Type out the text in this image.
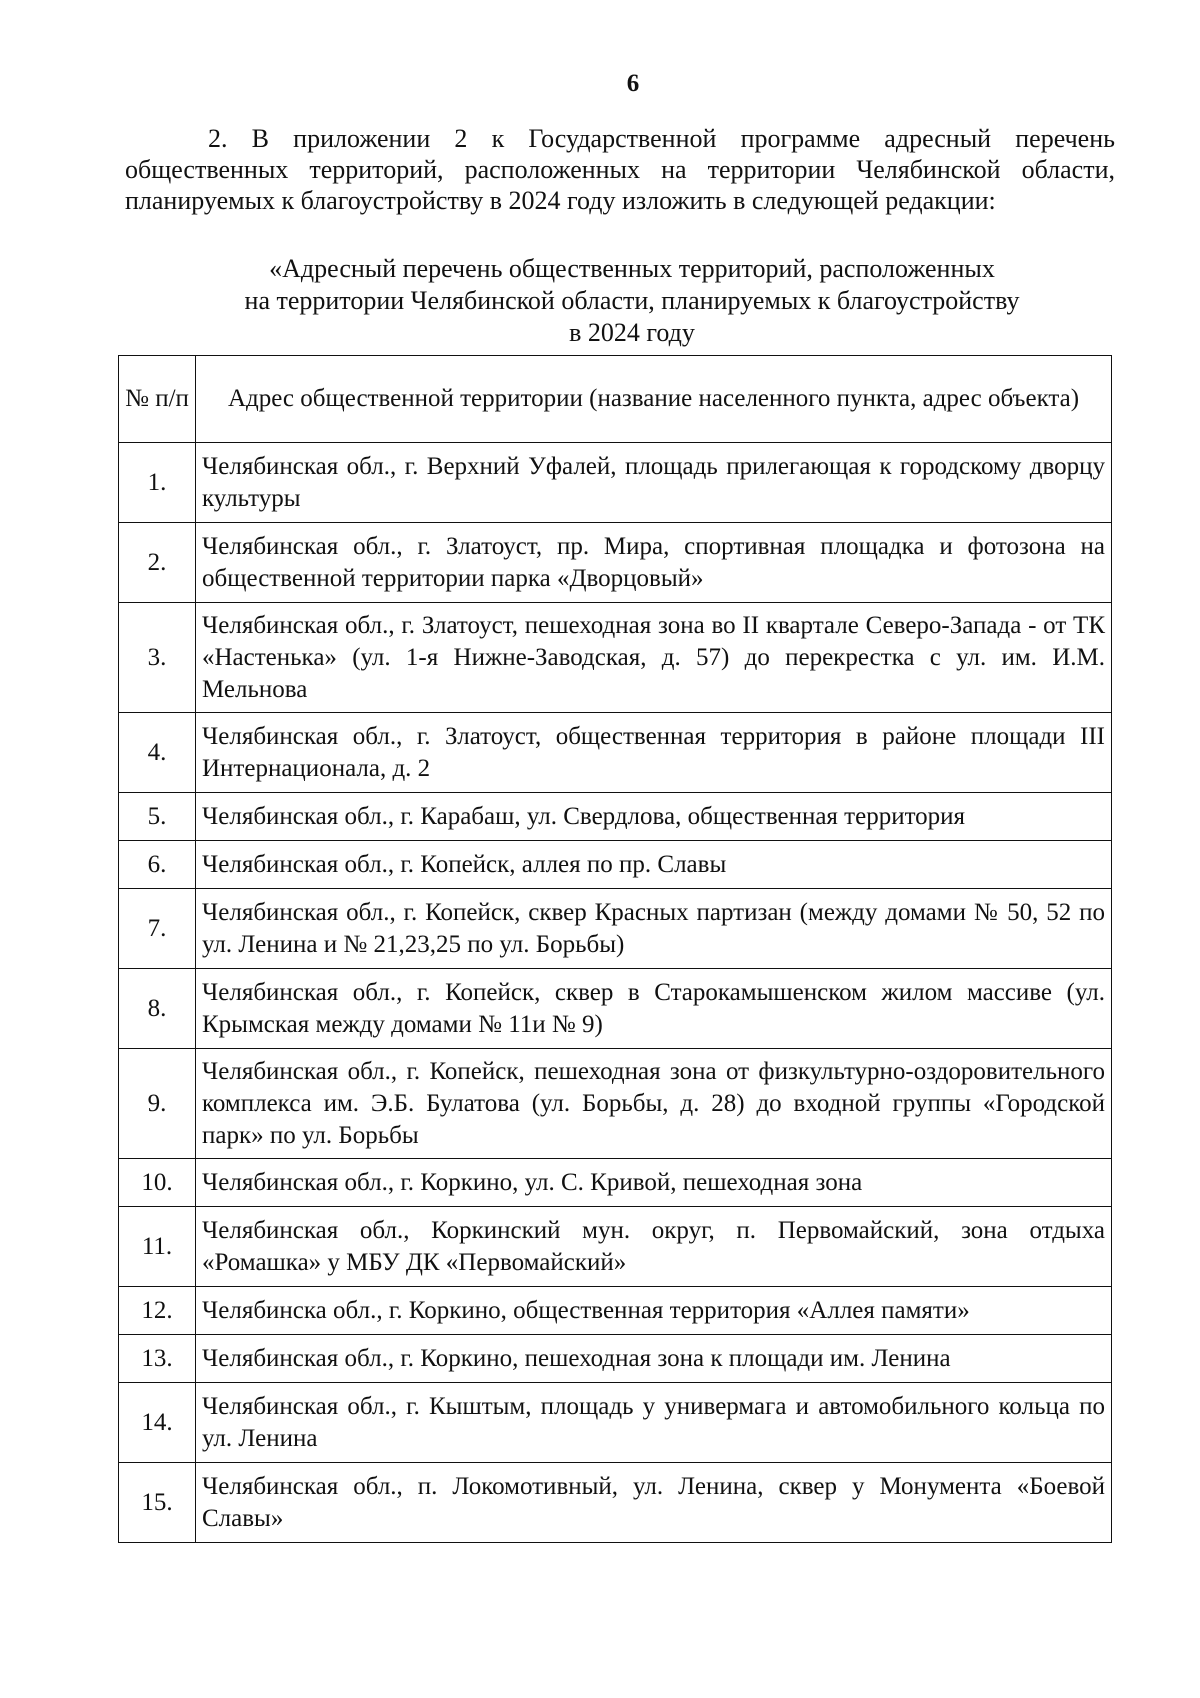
6

2. В приложении 2 к Государственной программе адресный перечень общественных территорий, расположенных на территории Челябинской области, планируемых к благоустройству в 2024 году изложить в следующей редакции:

«Адресный перечень общественных территорий, расположенных
на территории Челябинской области, планируемых к благоустройству
в 2024 году
№ п/п	Адрес общественной территории (название населенного пункта, адрес объекта)
1.	Челябинская обл., г. Верхний Уфалей, площадь прилегающая к городскому дворцу культуры
2.	Челябинская обл., г. Златоуст, пр. Мира, спортивная площадка и фотозона на общественной территории парка «Дворцовый»
3.	Челябинская обл., г. Златоуст, пешеходная зона во II квартале Северо-Запада - от ТК «Настенька» (ул. 1-я Нижне-Заводская, д. 57) до перекрестка с ул. им. И.М. Мельнова
4.	Челябинская обл., г. Златоуст, общественная территория в районе площади III Интернационала, д. 2
5.	Челябинская обл., г. Карабаш, ул. Свердлова, общественная территория
6.	Челябинская обл., г. Копейск, аллея по пр. Славы
7.	Челябинская обл., г. Копейск, сквер Красных партизан (между домами № 50, 52 по ул. Ленина и № 21,23,25 по ул. Борьбы)
8.	Челябинская обл., г. Копейск, сквер в Старокамышенском жилом массиве (ул. Крымская между домами № 11и № 9)
9.	Челябинская обл., г. Копейск, пешеходная зона от физкультурно-оздоровительного комплекса им. Э.Б. Булатова (ул. Борьбы, д. 28) до входной группы «Городской парк» по ул. Борьбы
10.	Челябинская обл., г. Коркино, ул. С. Кривой, пешеходная зона
11.	Челябинская обл., Коркинский мун. округ, п. Первомайский, зона отдыха «Ромашка» у МБУ ДК «Первомайский»
12.	Челябинска обл., г. Коркино, общественная территория «Аллея памяти»
13.	Челябинская обл., г. Коркино, пешеходная зона к площади им. Ленина
14.	Челябинская обл., г. Кыштым, площадь у универмага и автомобильного кольца по ул. Ленина
15.	Челябинская обл., п. Локомотивный, ул. Ленина, сквер у Монумента «Боевой Славы»
